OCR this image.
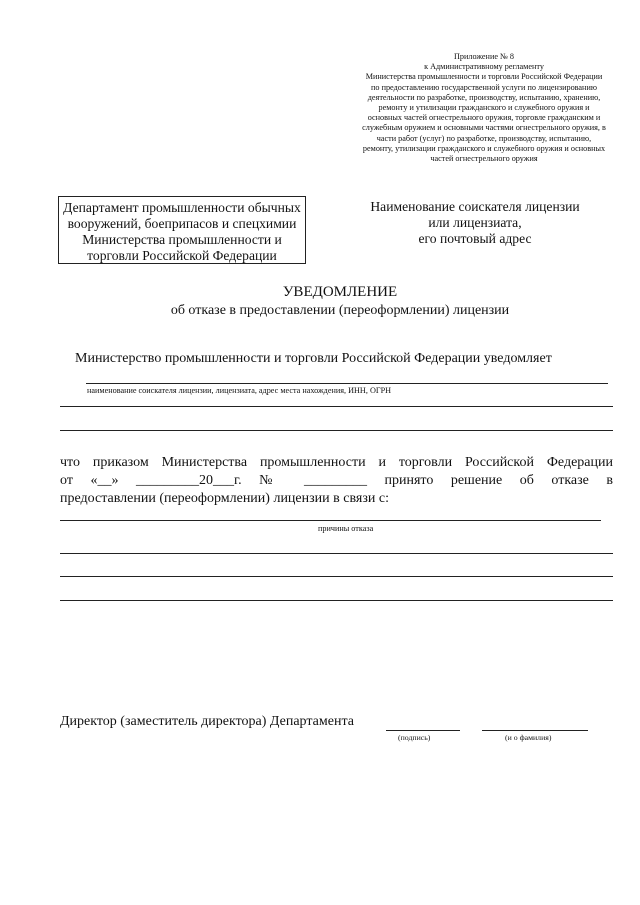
Приложение № 8
к Административному регламенту
Министерства промышленности и торговли Российской Федерации
по предоставлению государственной услуги по лицензированию
деятельности по разработке, производству, испытанию, хранению,
ремонту и утилизации гражданского и служебного оружия и
основных частей огнестрельного оружия, торговле гражданским и
служебным оружием и основными частями огнестрельного оружия, в
части работ (услуг) по разработке, производству, испытанию,
ремонту, утилизации гражданского и служебного оружия и основных
частей огнестрельного оружия
Департамент промышленности обычных
вооружений, боеприпасов и спецхимии
Министерства промышленности и
торговли Российской Федерации
Наименование соискателя лицензии
или лицензиата,
его почтовый адрес
УВЕДОМЛЕНИЕ
об отказе в предоставлении (переоформлении) лицензии
Министерство промышленности и торговли Российской Федерации уведомляет
наименование соискателя лицензии, лицензиата, адрес места нахождения, ИНН, ОГРН
что приказом Министерства промышленности и торговли Российской Федерации
от «__» _________20___г. № _________ принято решение об отказе в
предоставлении (переоформлении) лицензии в связи с:
причины отказа
Директор (заместитель директора) Департамента
(подпись)	(и о фамилия)
